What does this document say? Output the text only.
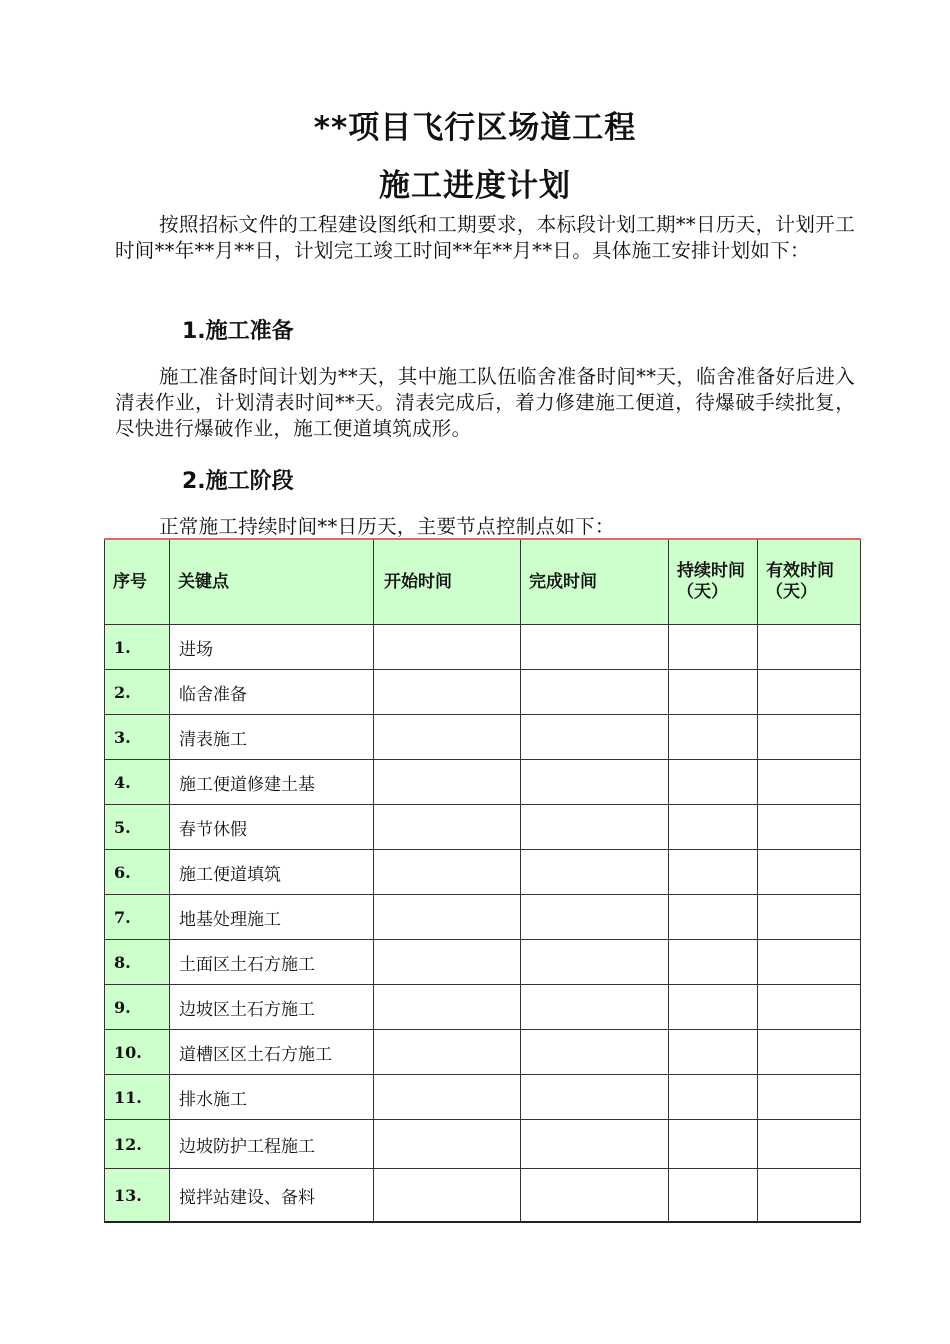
**项目飞行区场道工程
施工进度计划

按照招标文件的工程建设图纸和工期要求，本标段计划工期**日历天，计划开工时间**年**月**日，计划完工竣工时间**年**月**日。具体施工安排计划如下：

1.施工准备

施工准备时间计划为**天，其中施工队伍临舍准备时间**天，临舍准备好后进入清表作业，计划清表时间**天。清表完成后，着力修建施工便道，待爆破手续批复，尽快进行爆破作业，施工便道填筑成形。

2.施工阶段

正常施工持续时间**日历天，主要节点控制点如下：

序号	关键点	开始时间	完成时间	持续时间（天）	有效时间（天）
1.	进场				
2.	临舍准备				
3.	清表施工				
4.	施工便道修建土基				
5.	春节休假				
6.	施工便道填筑				
7.	地基处理施工				
8.	土面区土石方施工				
9.	边坡区土石方施工				
10.	道槽区区土石方施工				
11.	排水施工				
12.	边坡防护工程施工				
13.	搅拌站建设、备料				
